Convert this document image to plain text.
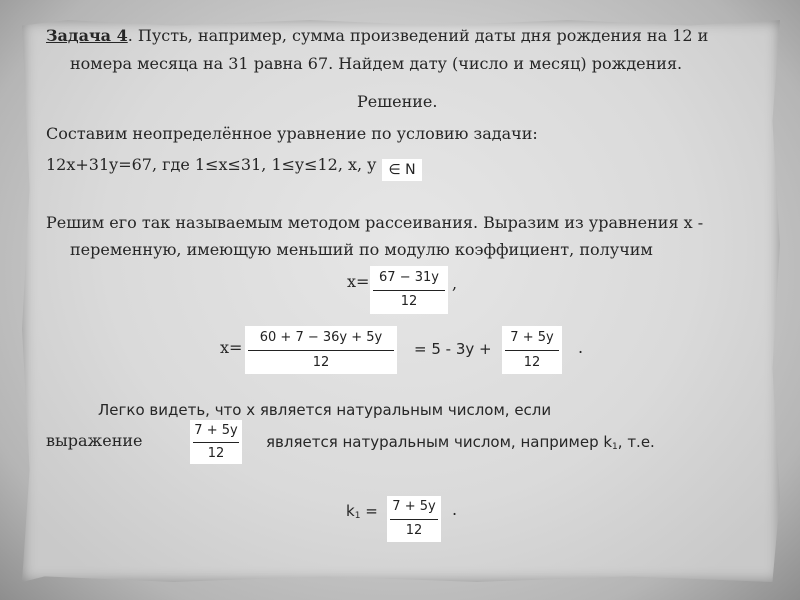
Задача 4. Пусть, например, сумма произведений даты дня рождения на 12 и
номера месяца на 31 равна 67. Найдем дату (число и месяц) рождения.
Решение.
Составим неопределённое уравнение по условию задачи:
12x+31y=67, где 1≤x≤31, 1≤y≤12, x, y ∈ N
Решим его так называемым методом рассеивания. Выразим из уравнения x -
переменную, имеющую меньший по модулю коэффициент, получим
x= 67 − 31y
12
,
x=
60 + 7 − 36y + 5y
12
= 5 - 3y +
7 + 5y
12
.
Легко видеть, что x является натуральным числом, если
выражение
7 + 5y
12
является натуральным числом, например $k_1$, т.е.
$k_1$ =	7 + 5y
12
.
